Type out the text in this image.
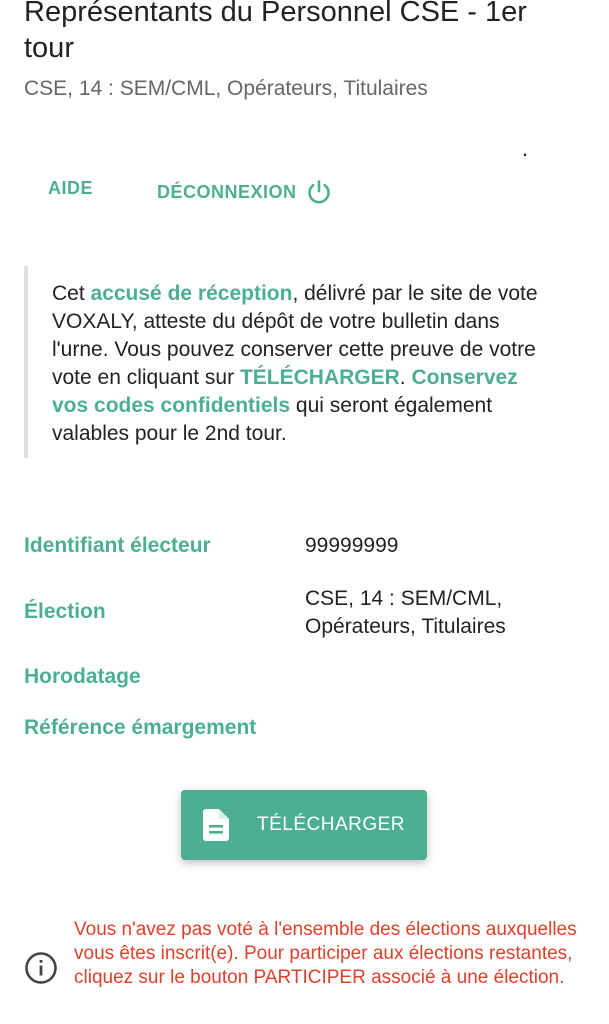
Représentants du Personnel CSE - 1er tour
CSE, 14 : SEM/CML, Opérateurs, Titulaires
.
AIDE	DÉCONNEXION
Cet accusé de réception, délivré par le site de vote VOXALY, atteste du dépôt de votre bulletin dans l'urne. Vous pouvez conserver cette preuve de votre vote en cliquant sur TÉLÉCHARGER. Conservez vos codes confidentiels qui seront également valables pour le 2nd tour.
Identifiant électeur	99999999
Élection
CSE, 14 : SEM/CML, Opérateurs, Titulaires
Horodatage
Référence émargement
TÉLÉCHARGER
Vous n'avez pas voté à l'ensemble des élections auxquelles vous êtes inscrit(e). Pour participer aux élections restantes, cliquez sur le bouton PARTICIPER associé à une élection.
